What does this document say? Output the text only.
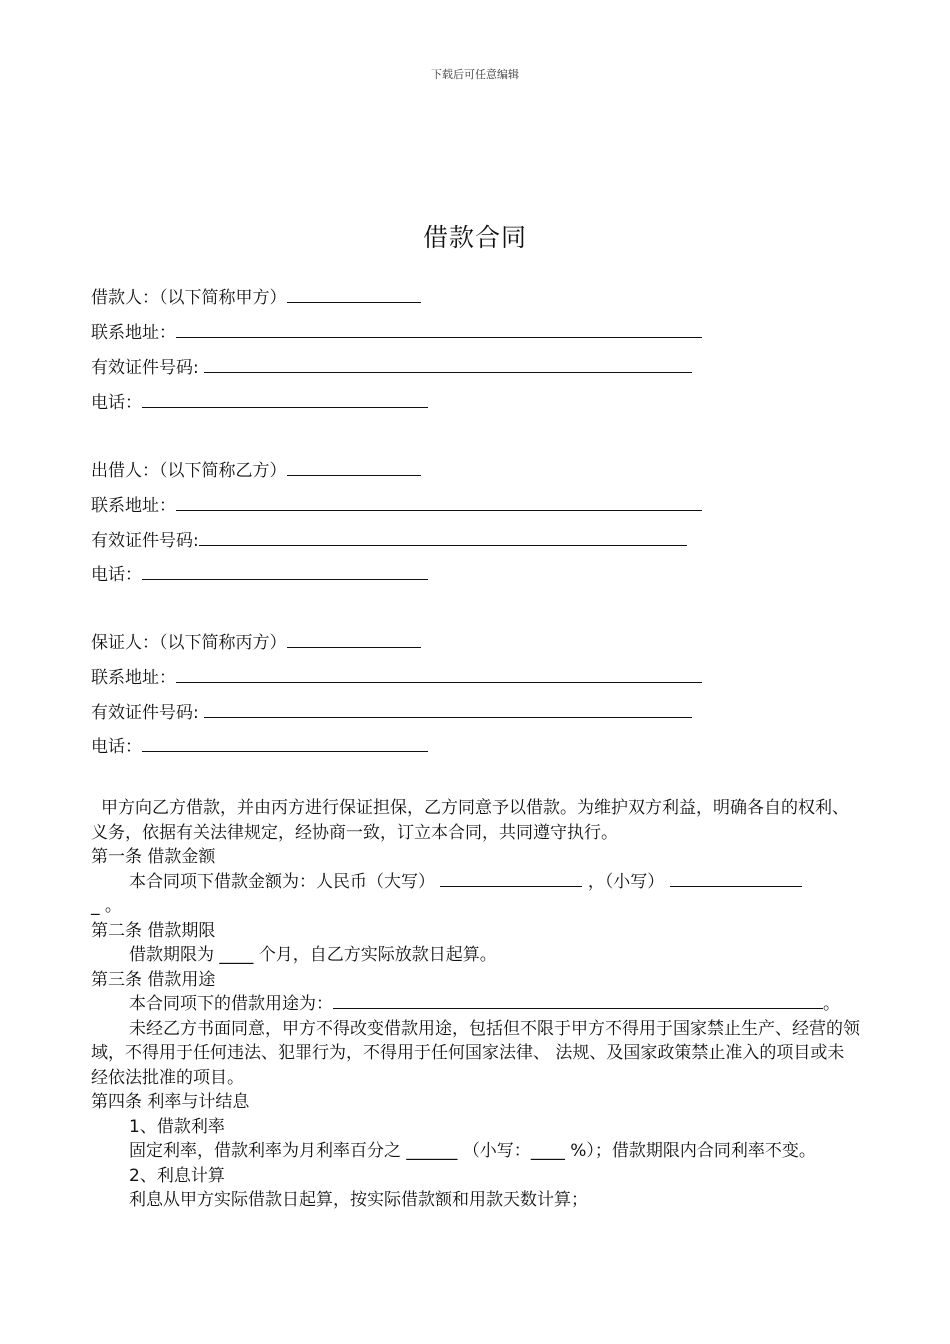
下载后可任意编辑
借款合同
借款人：（以下简称甲方）
联系地址：
有效证件号码:
电话：
出借人：（以下简称乙方）
联系地址：
有效证件号码:
电话：
保证人：（以下简称丙方）
联系地址：
有效证件号码:
电话：

甲方向乙方借款，并由丙方进行保证担保，乙方同意予以借款。为维护双方利益，明确各自的权利、义务，依据有关法律规定，经协商一致，订立本合同，共同遵守执行。

第一条 借款金额

本合同项下借款金额为：人民币（大写）	，（小写）

_ 。

第二条 借款期限

借款期限为 ____ 个月，自乙方实际放款日起算。

第三条 借款用途

本合同项下的借款用途为：	。

未经乙方书面同意，甲方不得改变借款用途，包括但不限于甲方不得用于国家禁止生产、经营的领域，不得用于任何违法、犯罪行为，不得用于任何国家法律、 法规、及国家政策禁止准入的项目或未经依法批准的项目。

第四条 利率与计结息

1、借款利率

固定利率，借款利率为月利率百分之 ______ （小写：____ %）；借款期限内合同利率不变。

2、利息计算

利息从甲方实际借款日起算，按实际借款额和用款天数计算；
